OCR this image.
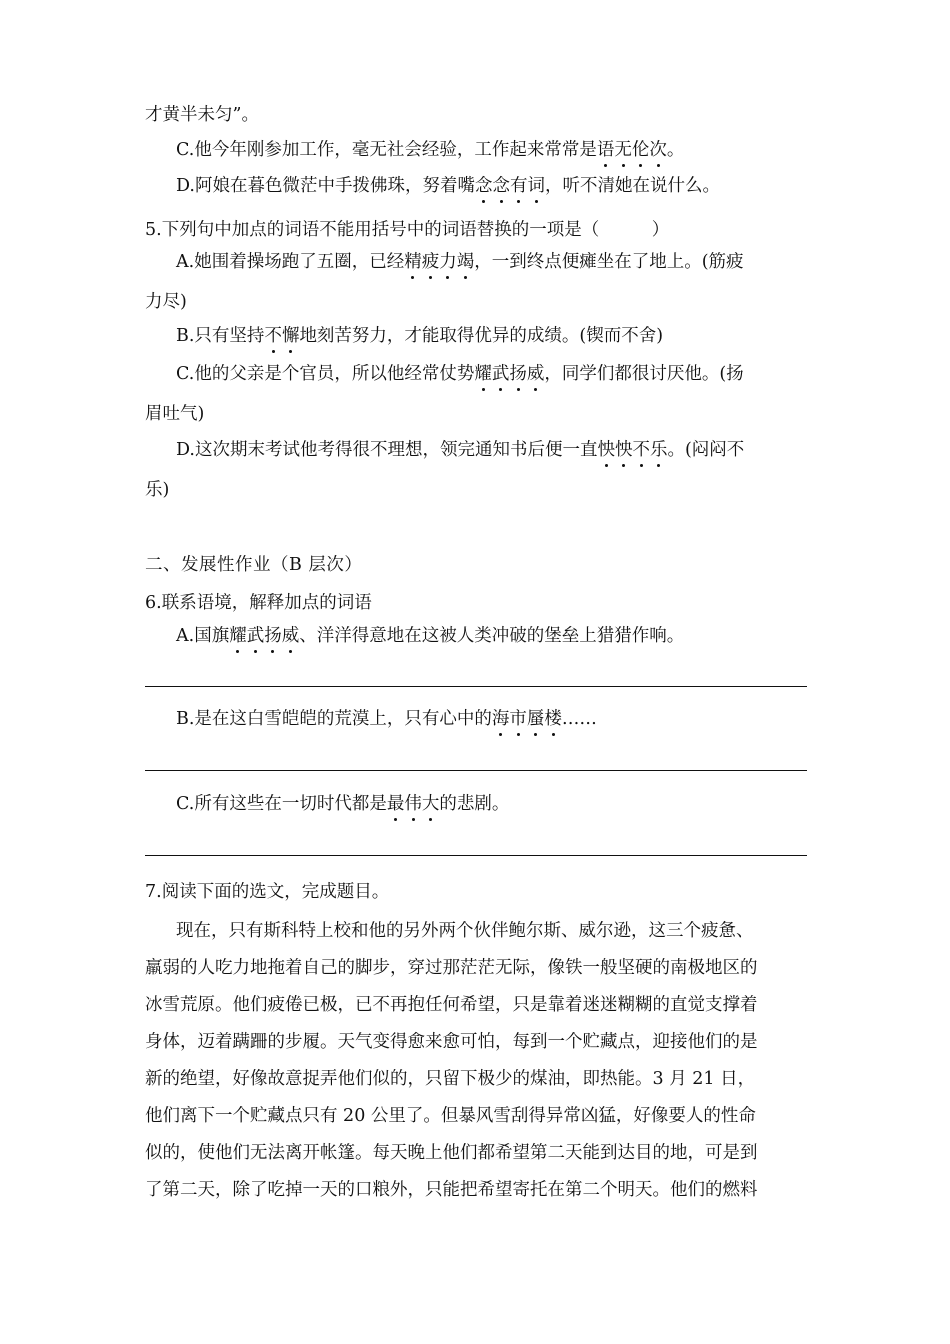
才黄半未匀”。
C.他今年刚参加工作，毫无社会经验，工作起来常常是语无伦次。
D.阿娘在暮色微茫中手拨佛珠，努着嘴念念有词，听不清她在说什么。
5.下列句中加点的词语不能用括号中的词语替换的一项是（　　　）
A.她围着操场跑了五圈，已经精疲力竭，一到终点便瘫坐在了地上。(筋疲
力尽)
B.只有坚持不懈地刻苦努力，才能取得优异的成绩。(锲而不舍)
C.他的父亲是个官员，所以他经常仗势耀武扬威，同学们都很讨厌他。(扬
眉吐气)
D.这次期末考试他考得很不理想，领完通知书后便一直怏怏不乐。(闷闷不
乐)
二、发展性作业（B 层次）
6.联系语境，解释加点的词语
A.国旗耀武扬威、洋洋得意地在这被人类冲破的堡垒上猎猎作响。
B.是在这白雪皑皑的荒漠上，只有心中的海市蜃楼……
C.所有这些在一切时代都是最伟大的悲剧。
7.阅读下面的选文，完成题目。
现在，只有斯科特上校和他的另外两个伙伴鲍尔斯、威尔逊，这三个疲惫、
羸弱的人吃力地拖着自己的脚步，穿过那茫茫无际，像铁一般坚硬的南极地区的
冰雪荒原。他们疲倦已极，已不再抱任何希望，只是靠着迷迷糊糊的直觉支撑着
身体，迈着蹒跚的步履。天气变得愈来愈可怕，每到一个贮藏点，迎接他们的是
新的绝望，好像故意捉弄他们似的，只留下极少的煤油，即热能。3 月 21 日，
他们离下一个贮藏点只有 20 公里了。但暴风雪刮得异常凶猛，好像要人的性命
似的，使他们无法离开帐篷。每天晚上他们都希望第二天能到达目的地，可是到
了第二天，除了吃掉一天的口粮外，只能把希望寄托在第二个明天。他们的燃料
